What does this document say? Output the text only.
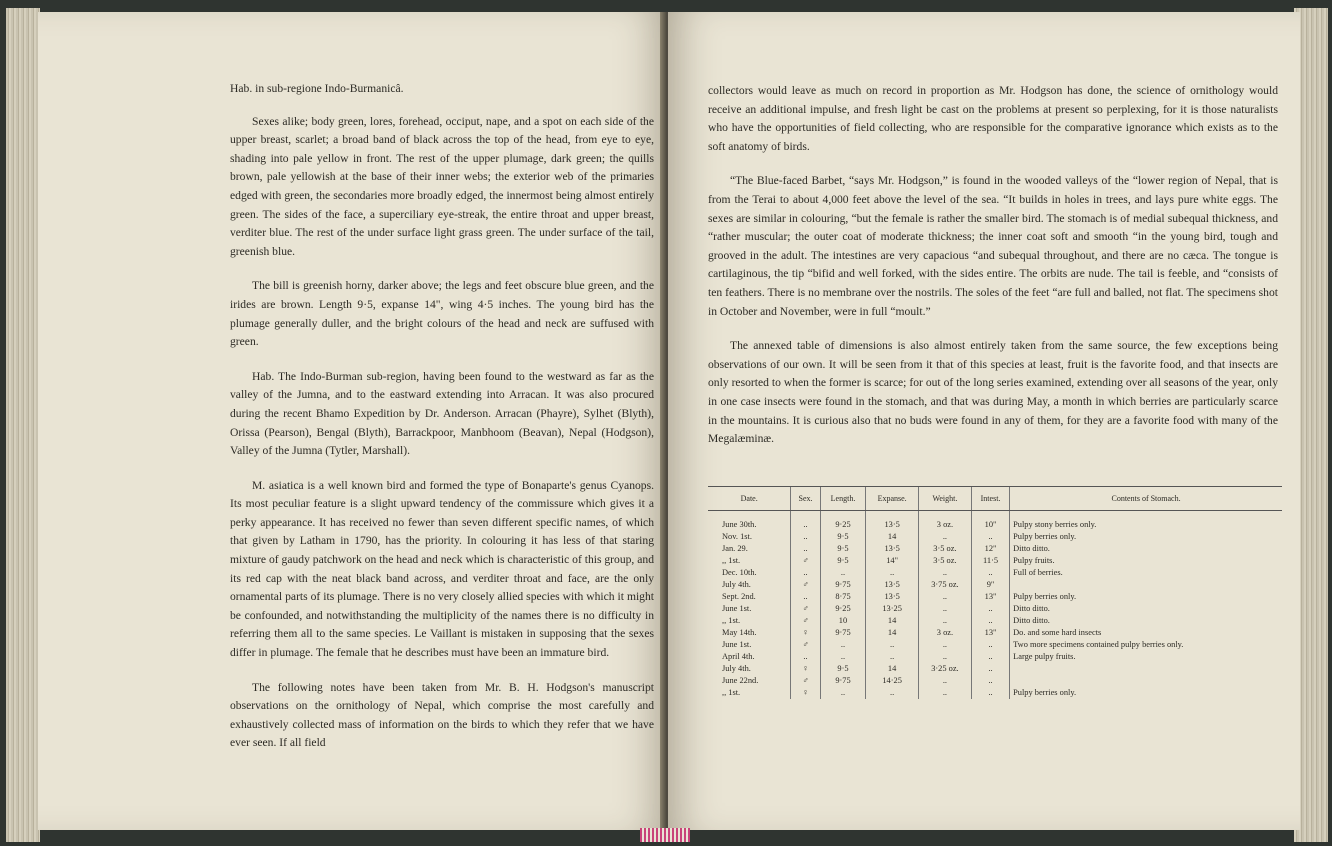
Hab. in sub-regione Indo-Burmanicâ.

Sexes alike; body green, lores, forehead, occiput, nape, and a spot on each side of the upper breast, scarlet; a broad band of black across the top of the head, from eye to eye, shading into pale yellow in front. The rest of the upper plumage, dark green; the quills brown, pale yellowish at the base of their inner webs; the exterior web of the primaries edged with green, the secondaries more broadly edged, the innermost being almost entirely green. The sides of the face, a superciliary eye-streak, the entire throat and upper breast, verditer blue. The rest of the under surface light grass green. The under surface of the tail, greenish blue.

The bill is greenish horny, darker above; the legs and feet obscure blue green, and the irides are brown. Length 9·5, expanse 14", wing 4·5 inches. The young bird has the plumage generally duller, and the bright colours of the head and neck are suffused with green.

Hab. The Indo-Burman sub-region, having been found to the westward as far as the valley of the Jumna, and to the eastward extending into Arracan. It was also procured during the recent Bhamo Expedition by Dr. Anderson. Arracan (Phayre), Sylhet (Blyth), Orissa (Pearson), Bengal (Blyth), Barrackpoor, Manbhoom (Beavan), Nepal (Hodgson), Valley of the Jumna (Tytler, Marshall).

M. asiatica is a well known bird and formed the type of Bonaparte's genus Cyanops. Its most peculiar feature is a slight upward tendency of the commissure which gives it a perky appearance. It has received no fewer than seven different specific names, of which that given by Latham in 1790, has the priority. In colouring it has less of that staring mixture of gaudy patchwork on the head and neck which is characteristic of this group, and its red cap with the neat black band across, and verditer throat and face, are the only ornamental parts of its plumage. There is no very closely allied species with which it might be confounded, and notwithstanding the multiplicity of the names there is no difficulty in referring them all to the same species. Le Vaillant is mistaken in supposing that the sexes differ in plumage. The female that he describes must have been an immature bird.

The following notes have been taken from Mr. B. H. Hodgson's manuscript observations on the ornithology of Nepal, which comprise the most carefully and exhaustively collected mass of information on the birds to which they refer that we have ever seen. If all field

collectors would leave as much on record in proportion as Mr. Hodgson has done, the science of ornithology would receive an additional impulse, and fresh light be cast on the problems at present so perplexing, for it is those naturalists who have the opportunities of field collecting, who are responsible for the comparative ignorance which exists as to the soft anatomy of birds.

“The Blue-faced Barbet, “says Mr. Hodgson,” is found in the wooded valleys of the “lower region of Nepal, that is from the Terai to about 4,000 feet above the level of the sea. “It builds in holes in trees, and lays pure white eggs. The sexes are similar in colouring, “but the female is rather the smaller bird. The stomach is of medial subequal thickness, and “rather muscular; the outer coat of moderate thickness; the inner coat soft and smooth “in the young bird, tough and grooved in the adult. The intestines are very capacious “and subequal throughout, and there are no cæca. The tongue is cartilaginous, the tip “bifid and well forked, with the sides entire. The orbits are nude. The tail is feeble, and “consists of ten feathers. There is no membrane over the nostrils. The soles of the feet “are full and balled, not flat. The specimens shot in October and November, were in full “moult.”

The annexed table of dimensions is also almost entirely taken from the same source, the few exceptions being observations of our own. It will be seen from it that of this species at least, fruit is the favorite food, and that insects are only resorted to when the former is scarce; for out of the long series examined, extending over all seasons of the year, only in one case insects were found in the stomach, and that was during May, a month in which berries are particularly scarce in the mountains. It is curious also that no buds were found in any of them, for they are a favorite food with many of the Megalæminæ.

Date.	Sex.	Length.	Expanse.	Weight.	Intest.	Contents of Stomach.
June 30th.	..	9·25	13·5	3 oz.	10"	Pulpy stony berries only.
Nov. 1st.	..	9·5	14	..	..	Pulpy berries only.
Jan. 29.	..	9·5	13·5	3·5 oz.	12"	Ditto ditto.
,, 1st.	♂	9·5	14"	3·5 oz.	11·5	Pulpy fruits.
Dec. 10th.	..	..	..	..	..	Full of berries.
July 4th.	♂	9·75	13·5	3·75 oz.	9"	
Sept. 2nd.	..	8·75	13·5	..	13"	Pulpy berries only.
June 1st.	♂	9·25	13·25	..	..	Ditto ditto.
,, 1st.	♂	10	14	..	..	Ditto ditto.
May 14th.	♀	9·75	14	3 oz.	13"	Do. and some hard insects
June 1st.	♂	..	..	..	..	Two more specimens contained pulpy berries only.
April 4th.	..	..	..	..	..	Large pulpy fruits.
July 4th.	♀	9·5	14	3·25 oz.	..	
June 22nd.	♂	9·75	14·25	..	..	
,, 1st.	♀	..	..	..	..	Pulpy berries only.
